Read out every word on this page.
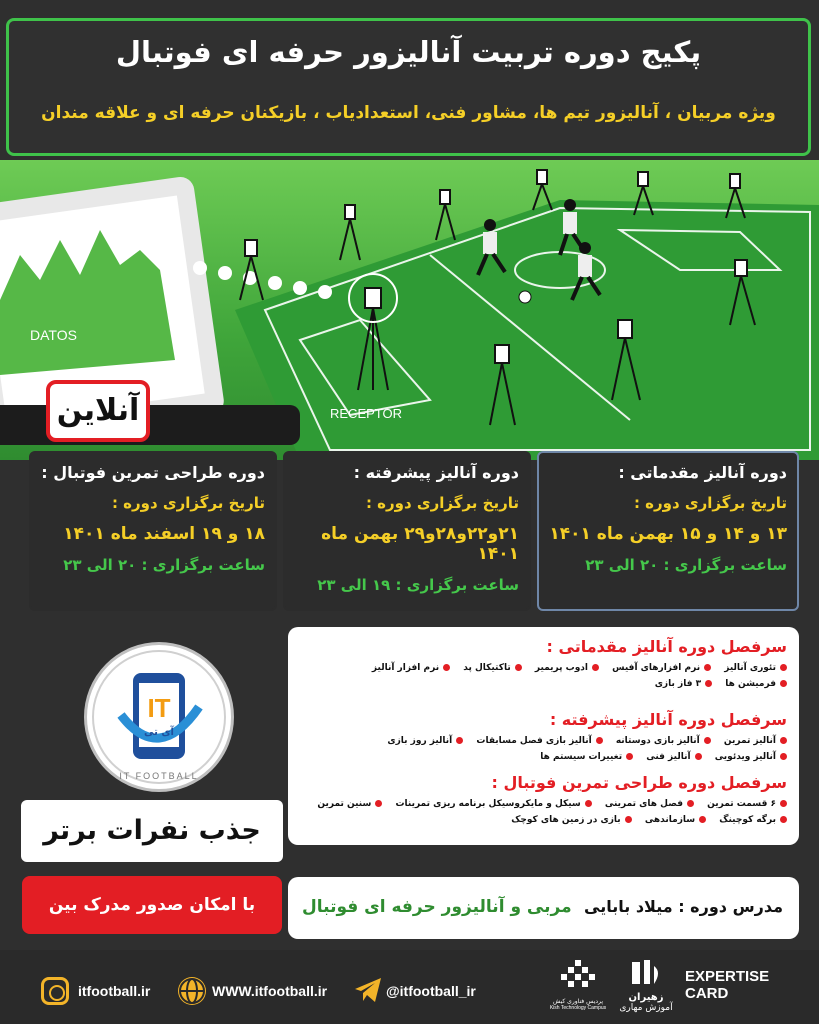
پکیج دوره تربیت آنالیزور حرفه ای فوتبال
ویژه مربیان ، آنالیزور تیم ها، مشاور فنی، استعدادیاب ، بازیکنان حرفه ای و علاقه مندان
DATOS
RECEPTOR
آنلاین
دوره آنالیز مقدماتی :
تاریخ برگزاری دوره :
۱۳ و ۱۴ و ۱۵ بهمن ماه ۱۴۰۱
ساعت برگزاری : ۲۰ الی ۲۳
دوره آنالیز پیشرفته :
تاریخ برگزاری دوره :
۲۱و۲۲و۲۸و۲۹ بهمن ماه ۱۴۰۱
ساعت برگزاری : ۱۹ الی ۲۳
دوره طراحی تمرین فوتبال :
تاریخ برگزاری دوره :
۱۸ و ۱۹ اسفند ماه ۱۴۰۱
ساعت برگزاری : ۲۰ الی ۲۳
سرفصل دوره آنالیز مقدماتی :
تئوری آنالیز نرم افزارهای آفیس ادوب پریمیر تاکتیکال پد نرم افزار آنالیز فرمیشن ها ۳ فاز بازی
سرفصل دوره آنالیز پیشرفته :
آنالیز تمرین آنالیز بازی دوستانه آنالیز بازی فصل مسابقات آنالیز روز بازی آنالیز ویدئویی آنالیز فنی تغییرات سیستم ها
سرفصل دوره طراحی تمرین فوتبال :
۶ قسمت تمرین فصل های تمرینی سیکل و مایکروسیکل برنامه ریزی تمرینات سنین تمرین برگه کوچینگ سازماندهی بازی در زمین های کوچک
IT
آی تی
IT FOOTBALL
جذب نفرات برتر
با امکان صدور مدرک بین	مدرس دوره : میلاد بابایی
مربی و آنالیزور حرفه ای فوتبال
itfootball.ir	WWW.itfootball.ir	@itfootball_ir
پردیس فناوری کیش
Kish Technology Campus
زهیران
آموزش مهاری
EXPERTISE
CARD
